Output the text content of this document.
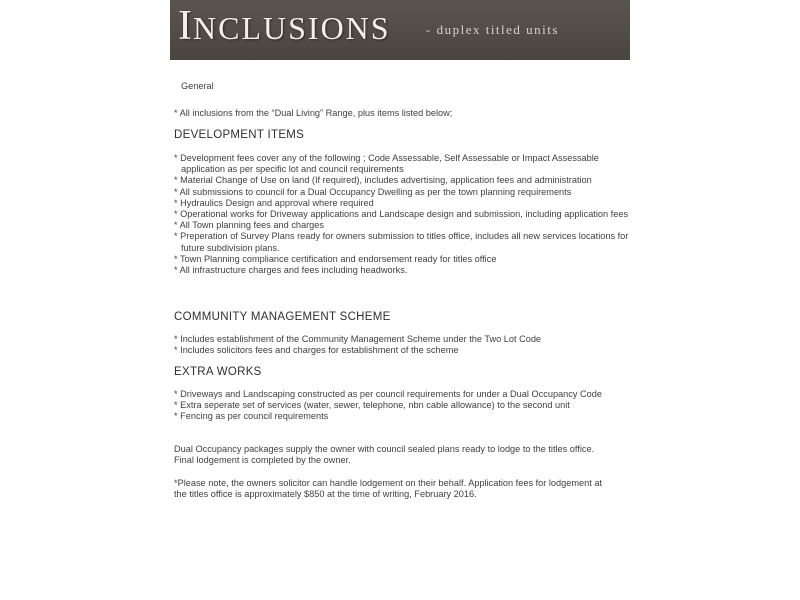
INCLUSIONS	- duplex titled units
General
* All inclusions from the “Dual Living” Range, plus items listed below;
DEVELOPMENT ITEMS
* Development fees cover any of the following ; Code Assessable, Self Assessable or Impact Assessable application as per specific lot and council requirements
* Material Change of Use on land (If required), includes advertising, application fees and administration
* All submissions to council for a Dual Occupancy Dwelling as per the town planning requirements
* Hydraulics Design and approval where required
* Operational works for Driveway applications and Landscape design and submission, including application fees
* All Town planning fees and charges
* Preperation of Survey Plans ready for owners submission to titles office, includes all new services locations for future subdivision plans.
* Town Planning compliance certification and endorsement ready for titles office
* All infrastructure charges and fees including headworks.
COMMUNITY MANAGEMENT SCHEME
* Includes establishment of the Community Management Scheme under the Two Lot Code
* Includes solicitors fees and charges for establishment of the scheme
EXTRA WORKS
* Driveways and Landscaping constructed as per council requirements for under a Dual Occupancy Code
* Extra seperate set of services (water, sewer, telephone, nbn cable allowance) to the second unit
* Fencing as per council requirements

Dual Occupancy packages supply the owner with council sealed plans ready to lodge to the titles office.

Final lodgement is completed by the owner.

*Please note, the owners solicitor can handle lodgement on their behalf. Application fees for lodgement at

the titles office is approximately $850 at the time of writing, February 2016.
